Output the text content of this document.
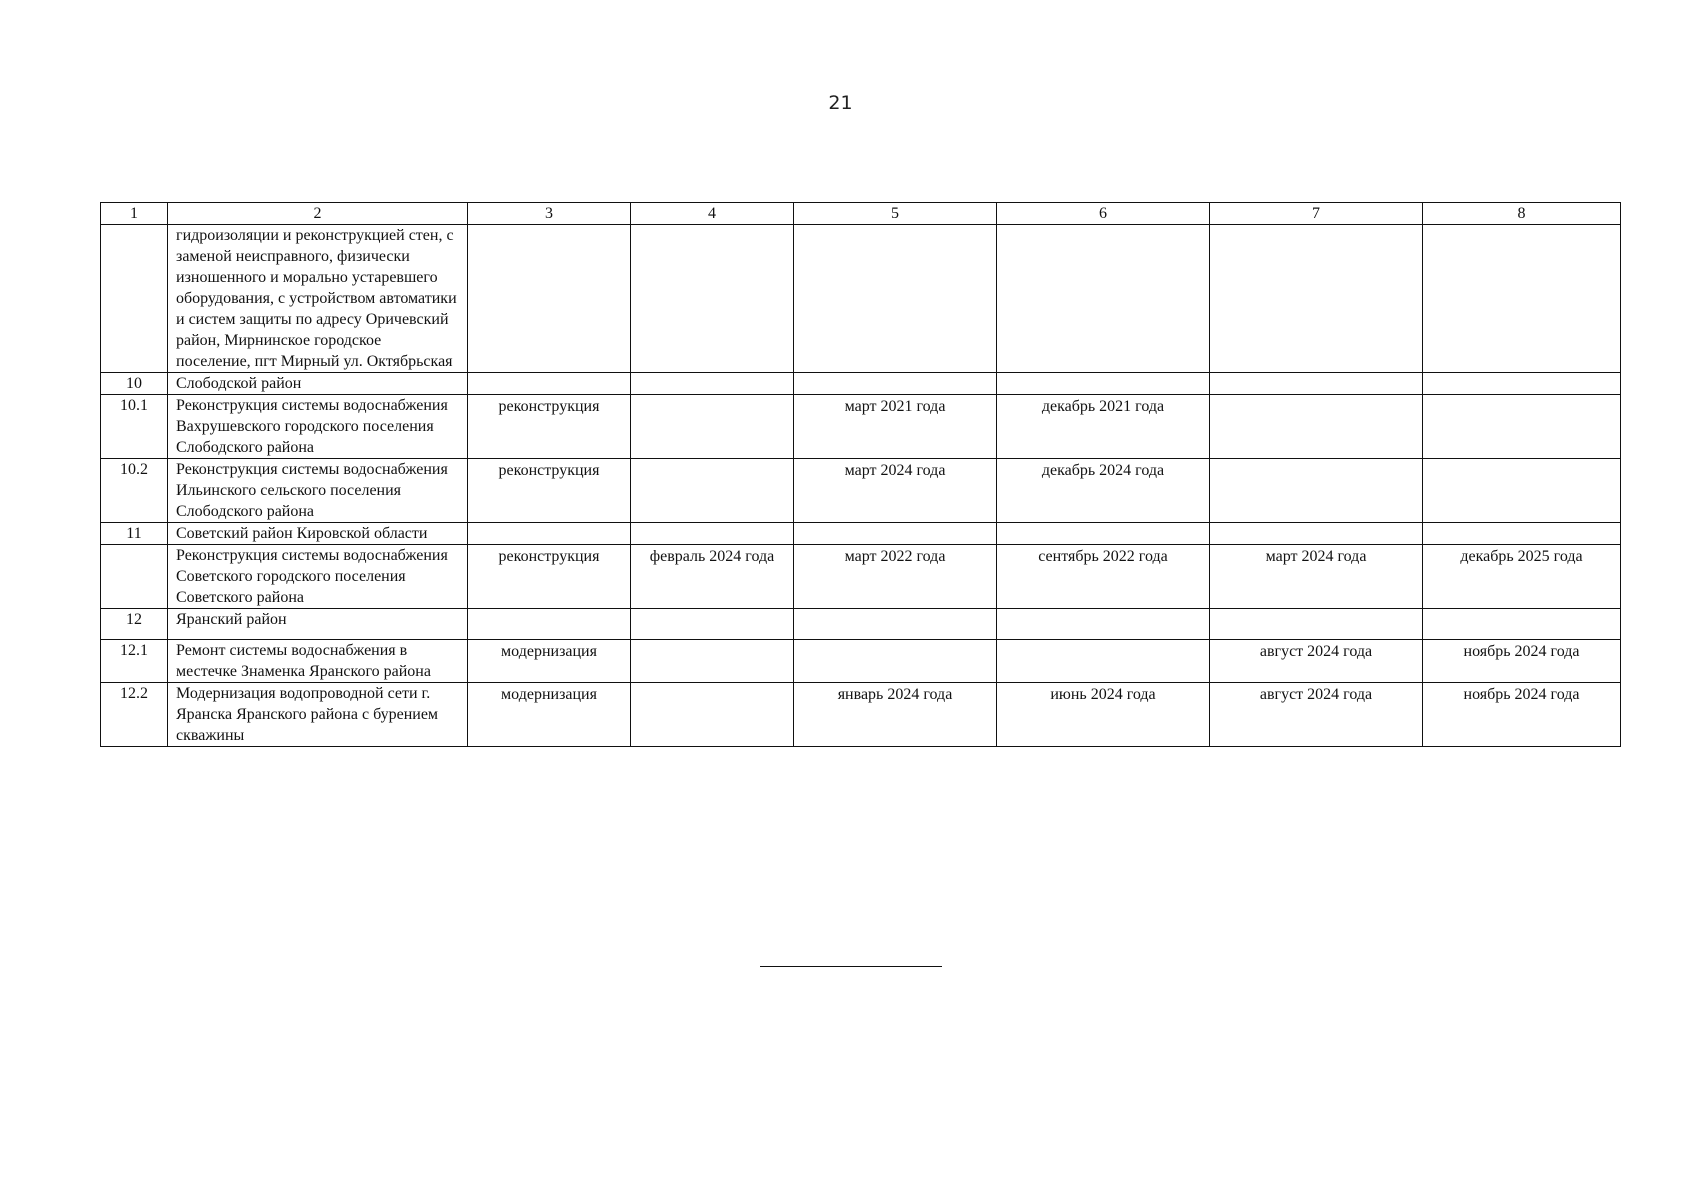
21
1	2	3	4	5	6	7	8
	гидроизоляции и реконструкцией стен, с заменой неисправного, физически изношенного и морально устаревшего оборудования, с устройством автоматики и систем защиты по адресу Оричевский район, Мирнинское городское поселение, пгт Мирный ул. Октябрьская						
10	Слободской район						
10.1	Реконструкция системы водоснабжения Вахрушевского городского поселения Слободского района	реконструкция		март 2021 года	декабрь 2021 года		
10.2	Реконструкция системы водоснабжения Ильинского сельского поселения Слободского района	реконструкция		март 2024 года	декабрь 2024 года		
11	Советский район Кировской области						
	Реконструкция системы водоснабжения Советского городского поселения Советского района	реконструкция	февраль 2024 года	март 2022 года	сентябрь 2022 года	март 2024 года	декабрь 2025 года
12	Яранский район						
12.1	Ремонт системы водоснабжения в местечке Знаменка Яранского района	модернизация				август 2024 года	ноябрь 2024 года
12.2	Модернизация водопроводной сети г. Яранска Яранского района с бурением скважины	модернизация		январь 2024 года	июнь 2024 года	август 2024 года	ноябрь 2024 года
